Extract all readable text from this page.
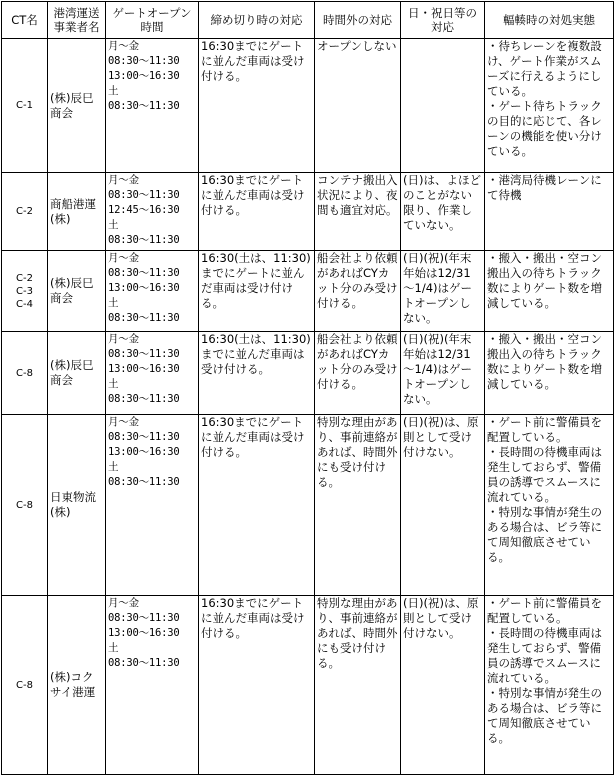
CT名	港湾運送事業者名	ゲートオープン時間	締め切り時の対応	時間外の対応	日・祝日等の対応	輻輳時の対処実態

C-1	(株)辰巳商会	月～金
08:30～11:30
13:00～16:30
土
08:30～11:30	16:30までにゲートに並んだ車両は受け付ける。	オープンしない		・待ちレーンを複数設け、ゲート作業がスムーズに行えるようにしている。
・ゲート待ちトラックの目的に応じて、各レーンの機能を使い分けている。

C-2	商船港運(株)	月～金
08:30～11:30
12:45～16:30
土
08:30～11:30	16:30までにゲートに並んだ車両は受け付ける。	コンテナ搬出入状況により、夜間も適宜対応。	(日)は、よほどのことがない限り、作業していない。	・港湾局待機レーンにて待機

C-2
C-3
C-4	(株)辰巳商会	月～金
08:30～11:30
13:00～16:30
土
08:30～11:30	16:30(土は、11:30)までにゲートに並んだ車両は受け付ける。	船会社より依頼があればCYカット分のみ受け付ける。	(日)(祝)(年末年始は12/31～1/4)はゲートオープンしない。	・搬入・搬出・空コン搬出入の待ちトラック数によりゲート数を増減している。

C-8	(株)辰巳商会	月～金
08:30～11:30
13:00～16:30
土
08:30～11:30	16:30(土は、11:30)までに並んだ車両は受け付ける。	船会社より依頼があればCYカット分のみ受け付ける。	(日)(祝)(年末年始は12/31～1/4)はゲートオープンしない。	・搬入・搬出・空コン搬出入の待ちトラック数によりゲート数を増減している。

C-8	日東物流(株)	月～金
08:30～11:30
13:00～16:30
土
08:30～11:30	16:30までにゲートに並んだ車両は受け付ける。	特別な理由があり、事前連絡があれば、時間外にも受け付ける。	(日)(祝)は、原則として受け付けない。	・ゲート前に警備員を配置している。
・長時間の待機車両は発生しておらず、警備員の誘導でスムースに流れている。
・特別な事情が発生のある場合は、ビラ等にて周知徹底させている。

C-8	(株)コクサイ港運	月～金
08:30～11:30
13:00～16:30
土
08:30～11:30	16:30までにゲートに並んだ車両は受け付ける。	特別な理由があり、事前連絡があれば、時間外にも受け付ける。	(日)(祝)は、原則として受け付けない。	・ゲート前に警備員を配置している。
・長時間の待機車両は発生しておらず、警備員の誘導でスムースに流れている。
・特別な事情が発生のある場合は、ビラ等にて周知徹底させている。
